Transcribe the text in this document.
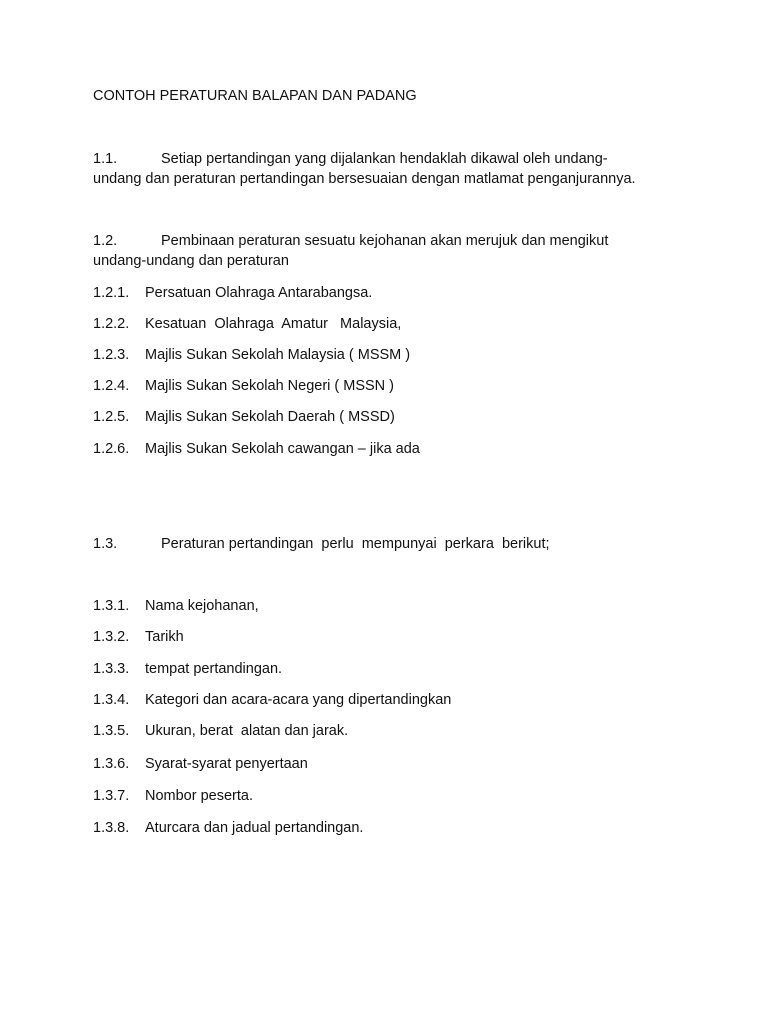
CONTOH PERATURAN BALAPAN DAN PADANG
1.1.	Setiap pertandingan yang dijalankan hendaklah dikawal oleh undang-
undang dan peraturan pertandingan bersesuaian dengan matlamat penganjurannya.
1.2.	Pembinaan peraturan sesuatu kejohanan akan merujuk dan mengikut
undang-undang dan peraturan
1.2.1. Persatuan Olahraga Antarabangsa.
1.2.2. Kesatuan  Olahraga  Amatur   Malaysia,
1.2.3. Majlis Sukan Sekolah Malaysia ( MSSM )
1.2.4. Majlis Sukan Sekolah Negeri ( MSSN )
1.2.5. Majlis Sukan Sekolah Daerah ( MSSD)
1.2.6. Majlis Sukan Sekolah cawangan – jika ada
1.3.	Peraturan pertandingan  perlu  mempunyai  perkara  berikut;
1.3.1. Nama kejohanan,
1.3.2. Tarikh
1.3.3. tempat pertandingan.
1.3.4. Kategori dan acara-acara yang dipertandingkan
1.3.5. Ukuran, berat  alatan dan jarak.
1.3.6. Syarat-syarat penyertaan
1.3.7. Nombor peserta.
1.3.8. Aturcara dan jadual pertandingan.
